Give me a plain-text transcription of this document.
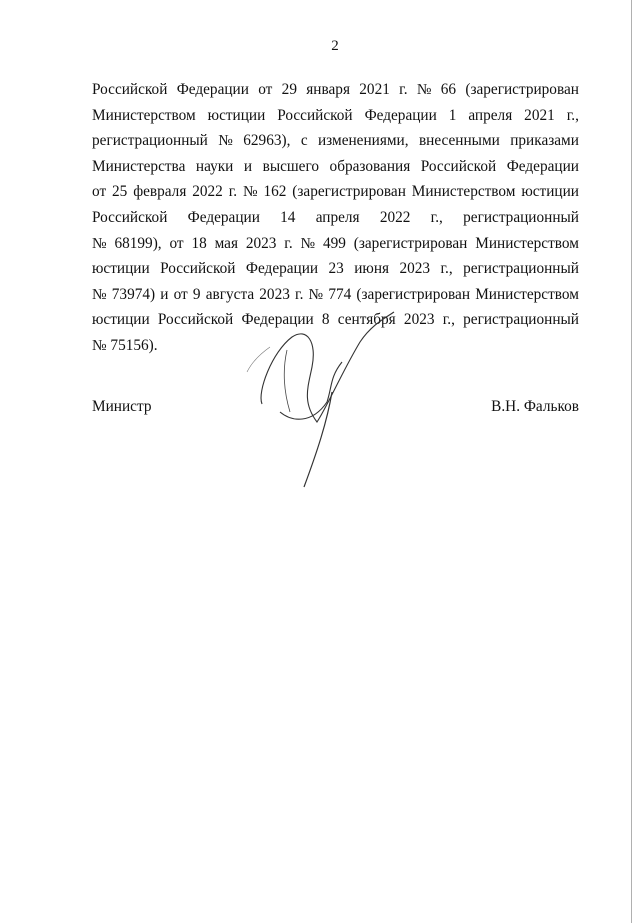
2
Российской Федерации от 29 января 2021 г. № 66 (зарегистрирован
Министерством юстиции Российской Федерации 1 апреля 2021 г.,
регистрационный № 62963), с изменениями, внесенными приказами
Министерства науки и высшего образования Российской Федерации
от 25 февраля 2022 г. № 162 (зарегистрирован Министерством юстиции
Российской Федерации 14 апреля 2022 г., регистрационный
№ 68199), от 18 мая 2023 г. № 499 (зарегистрирован Министерством
юстиции Российской Федерации 23 июня 2023 г., регистрационный
№ 73974) и от 9 августа 2023 г. № 774 (зарегистрирован Министерством
юстиции Российской Федерации 8 сентября 2023 г., регистрационный
№ 75156).
Министр	В.Н. Фальков
